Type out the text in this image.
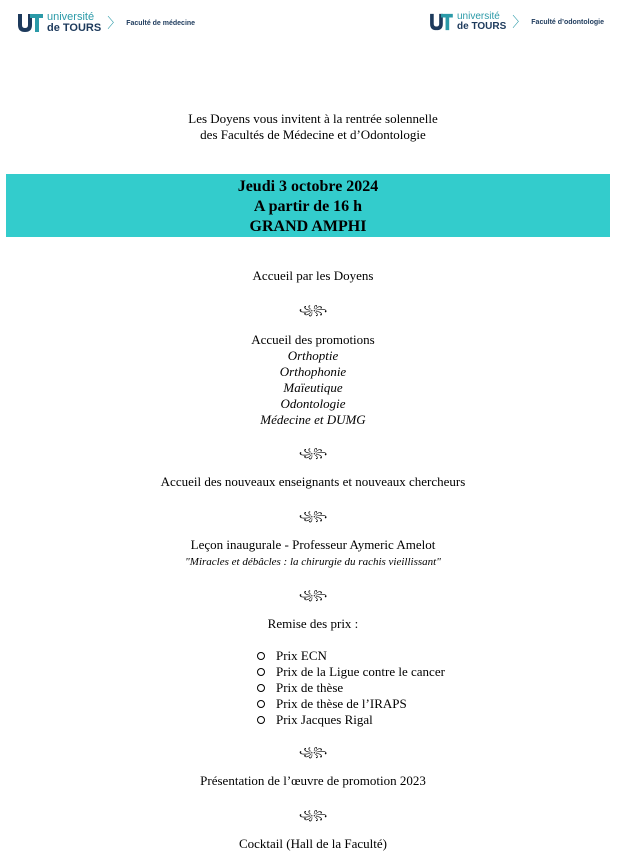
université
de TOURS 〉 Faculté de médecine
université
de TOURS 〉 Faculté d’odontologie
Les Doyens vous invitent à la rentrée solennelle
des Facultés de Médecine et d’Odontologie
Jeudi 3 octobre 2024
A partir de 16 h
GRAND AMPHI
Accueil par les Doyens
꧁꧂
Accueil des promotions
Orthoptie
Orthophonie
Maïeutique
Odontologie
Médecine et DUMG
꧁꧂
Accueil des nouveaux enseignants et nouveaux chercheurs
꧁꧂
Leçon inaugurale - Professeur Aymeric Amelot
"Miracles et débâcles : la chirurgie du rachis vieillissant"
꧁꧂
Remise des prix :
Prix ECN
Prix de la Ligue contre le cancer
Prix de thèse
Prix de thèse de l’IRAPS
Prix Jacques Rigal
꧁꧂
Présentation de l’œuvre de promotion 2023
꧁꧂
Cocktail (Hall de la Faculté)
